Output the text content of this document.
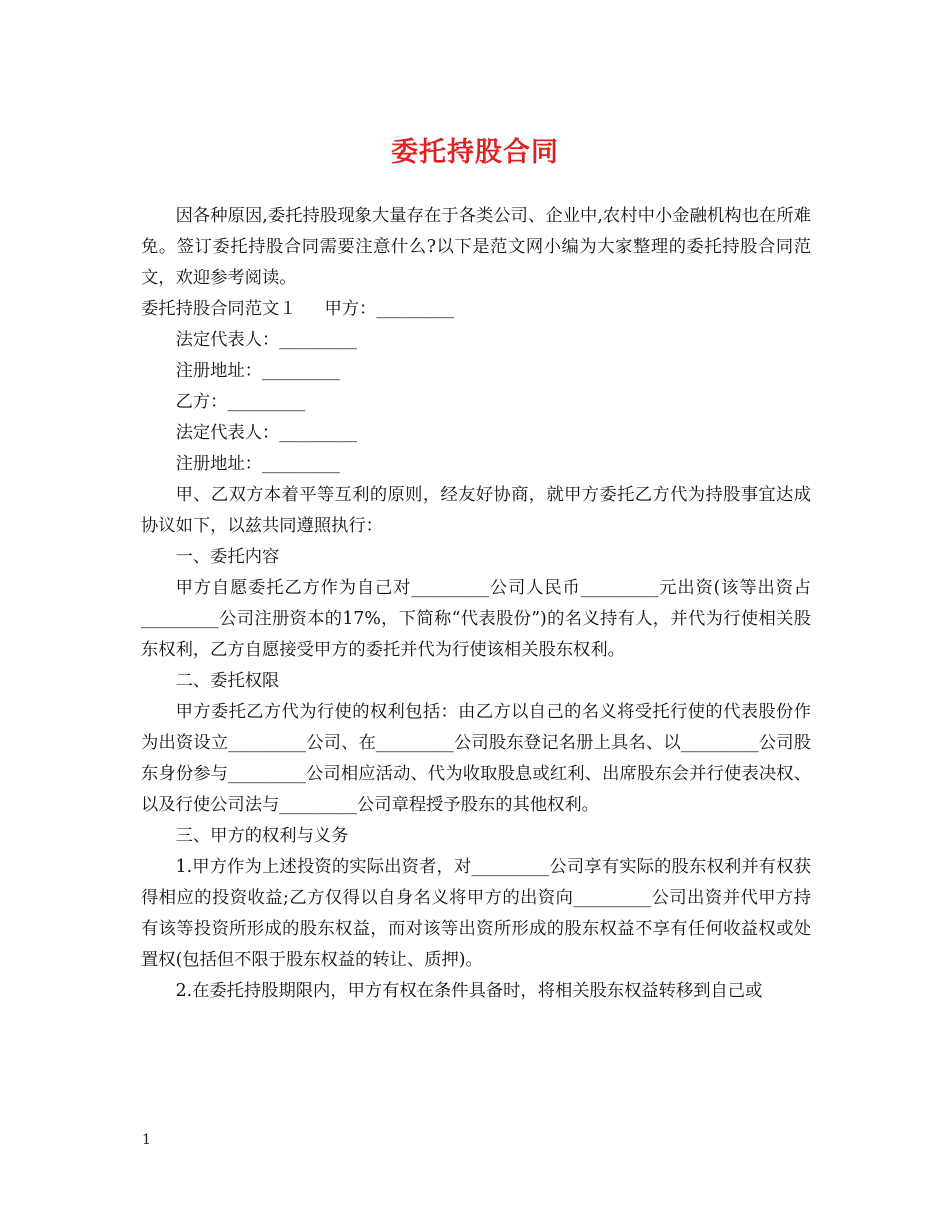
委托持股合同

因各种原因,委托持股现象大量存在于各类公司、企业中,农村中小金融机构也在所难免。签订委托持股合同需要注意什么?以下是范文网小编为大家整理的委托持股合同范文，欢迎参考阅读。

委托持股合同范文１ 甲方：_________

法定代表人：_________

注册地址：_________

乙方：_________

法定代表人：_________

注册地址：_________

甲、乙双方本着平等互利的原则，经友好协商，就甲方委托乙方代为持股事宜达成协议如下，以兹共同遵照执行：

一、委托内容

甲方自愿委托乙方作为自己对_________公司人民币_________元出资(该等出资占_________公司注册资本的17%，下简称“代表股份”)的名义持有人，并代为行使相关股东权利，乙方自愿接受甲方的委托并代为行使该相关股东权利。

二、委托权限

甲方委托乙方代为行使的权利包括：由乙方以自己的名义将受托行使的代表股份作为出资设立_________公司、在_________公司股东登记名册上具名、以_________公司股东身份参与_________公司相应活动、代为收取股息或红利、出席股东会并行使表决权、以及行使公司法与_________公司章程授予股东的其他权利。

三、甲方的权利与义务

1.甲方作为上述投资的实际出资者，对_________公司享有实际的股东权利并有权获得相应的投资收益;乙方仅得以自身名义将甲方的出资向_________公司出资并代甲方持有该等投资所形成的股东权益，而对该等出资所形成的股东权益不享有任何收益权或处置权(包括但不限于股东权益的转让、质押)。

2.在委托持股期限内，甲方有权在条件具备时，将相关股东权益转移到自己或

1
